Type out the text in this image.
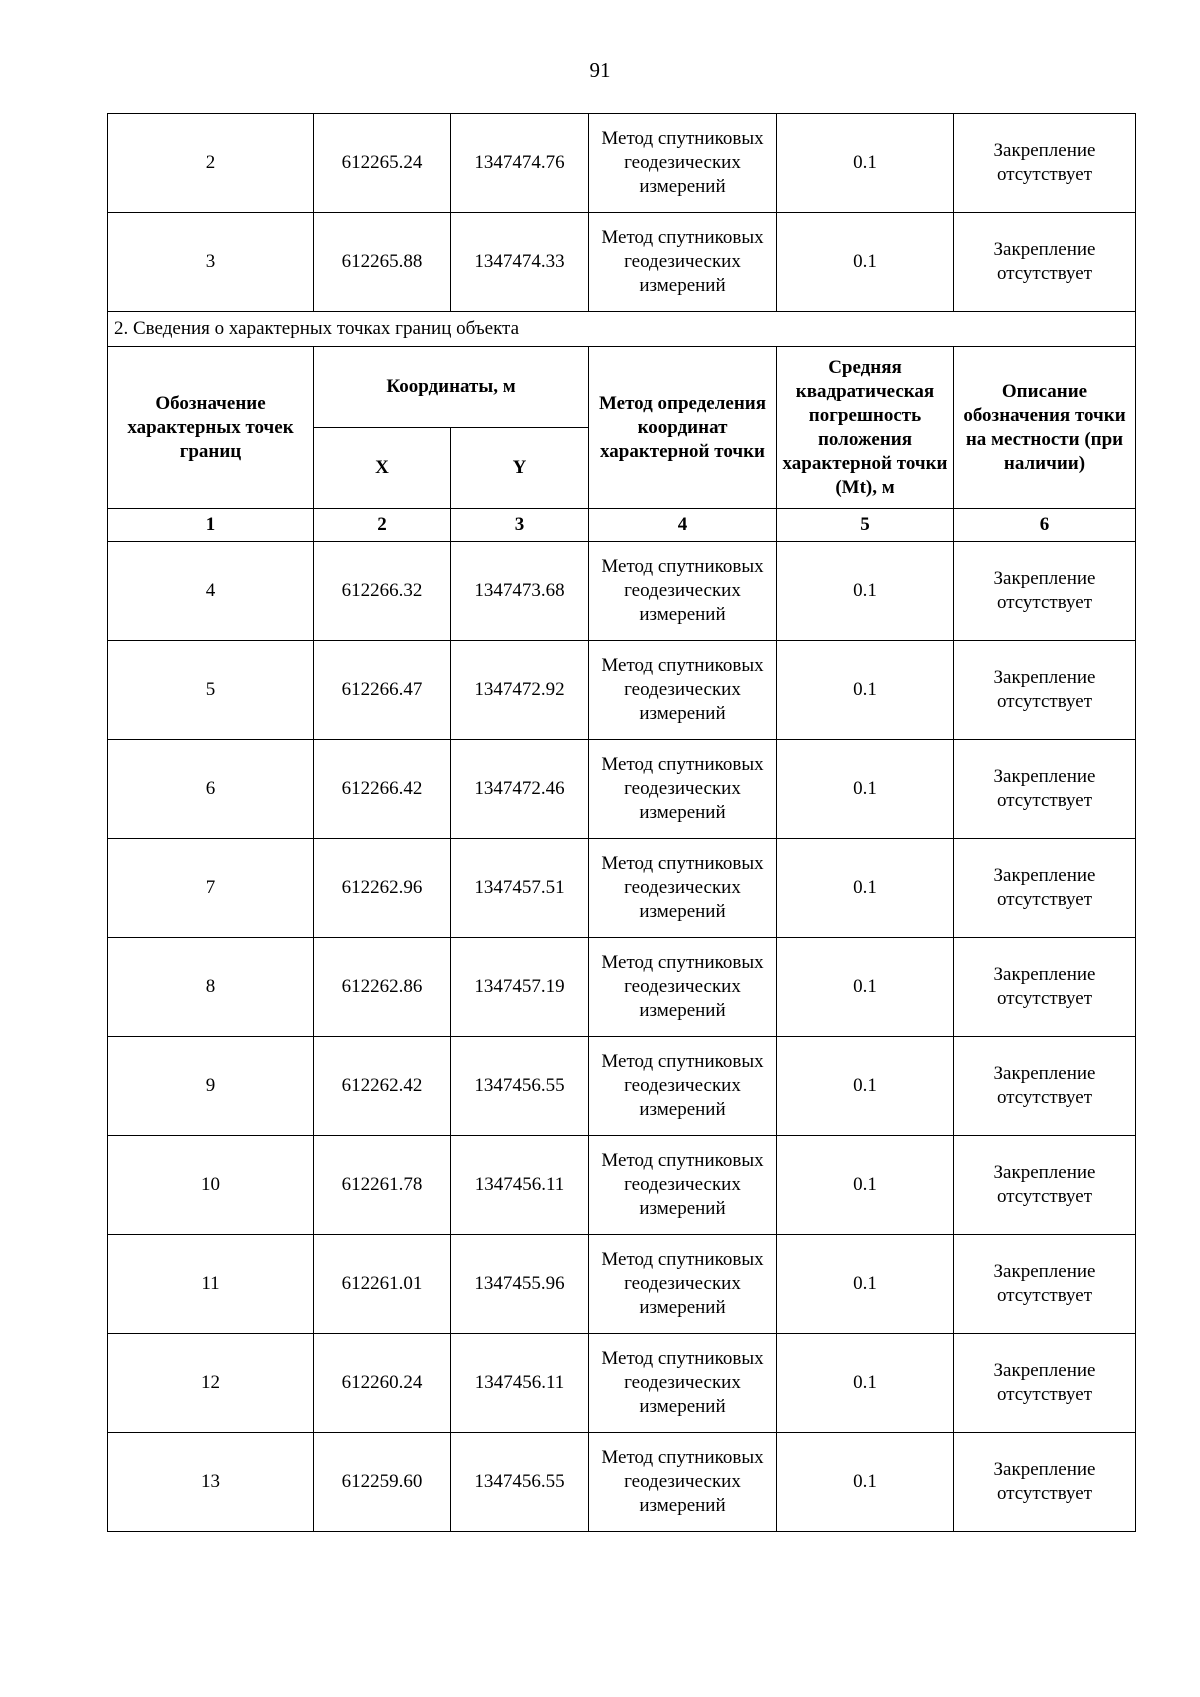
91
2	612265.24	1347474.76	Метод спутниковых геодезических измерений	0.1	Закрепление отсутствует
3	612265.88	1347474.33	Метод спутниковых геодезических измерений	0.1	Закрепление отсутствует
2. Сведения о характерных точках границ объекта					
Обозначение характерных точек границ	Координаты, м		Метод определения координат характерной точки	Средняя квадратическая погрешность положения характерной точки (Mt), м	Описание обозначения точки на местности (при наличии)
	X	Y			
1	2	3	4	5	6
4	612266.32	1347473.68	Метод спутниковых геодезических измерений	0.1	Закрепление отсутствует
5	612266.47	1347472.92	Метод спутниковых геодезических измерений	0.1	Закрепление отсутствует
6	612266.42	1347472.46	Метод спутниковых геодезических измерений	0.1	Закрепление отсутствует
7	612262.96	1347457.51	Метод спутниковых геодезических измерений	0.1	Закрепление отсутствует
8	612262.86	1347457.19	Метод спутниковых геодезических измерений	0.1	Закрепление отсутствует
9	612262.42	1347456.55	Метод спутниковых геодезических измерений	0.1	Закрепление отсутствует
10	612261.78	1347456.11	Метод спутниковых геодезических измерений	0.1	Закрепление отсутствует
11	612261.01	1347455.96	Метод спутниковых геодезических измерений	0.1	Закрепление отсутствует
12	612260.24	1347456.11	Метод спутниковых геодезических измерений	0.1	Закрепление отсутствует
13	612259.60	1347456.55	Метод спутниковых геодезических измерений	0.1	Закрепление отсутствует
